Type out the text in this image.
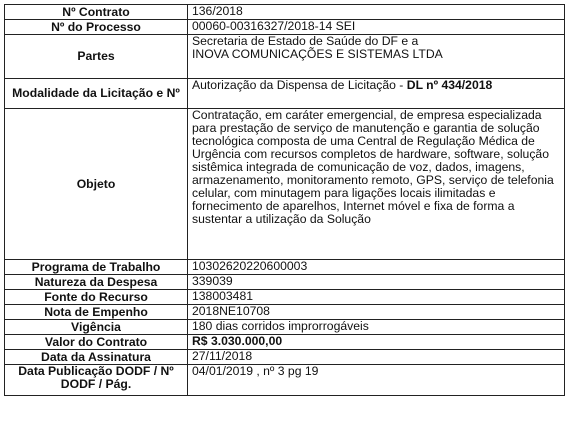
Nº Contrato	136/2018
Nº do Processo	00060-00316327/2018-14 SEI
Partes	Secretaria de Estado de Saúde do DF e a
INOVA COMUNICAÇÕES E SISTEMAS LTDA

Modalidade da Licitação e Nº	Autorização da Dispensa de Licitação - DL nº 434/2018
Objeto	Contratação, em caráter emergencial, de empresa especializada para prestação de serviço de manutenção e garantia de solução tecnológica composta de uma Central de Regulação Médica de Urgência com recursos completos de hardware, software, solução sistêmica integrada de comunicação de voz, dados, imagens, armazenamento, monitoramento remoto, GPS, serviço de telefonia celular, com minutagem para ligações locais ilimitadas e fornecimento de aparelhos, Internet móvel e fixa de forma a sustentar a utilização da Solução
Programa de Trabalho	10302620220600003
Natureza da Despesa	339039
Fonte do Recurso	138003481
Nota de Empenho	2018NE10708
Vigência	180 dias corridos improrrogáveis
Valor do Contrato	R$ 3.030.000,00
Data da Assinatura	27/11/2018
Data Publicação DODF / Nº DODF / Pág.	04/01/2019 , nº 3 pg 19
